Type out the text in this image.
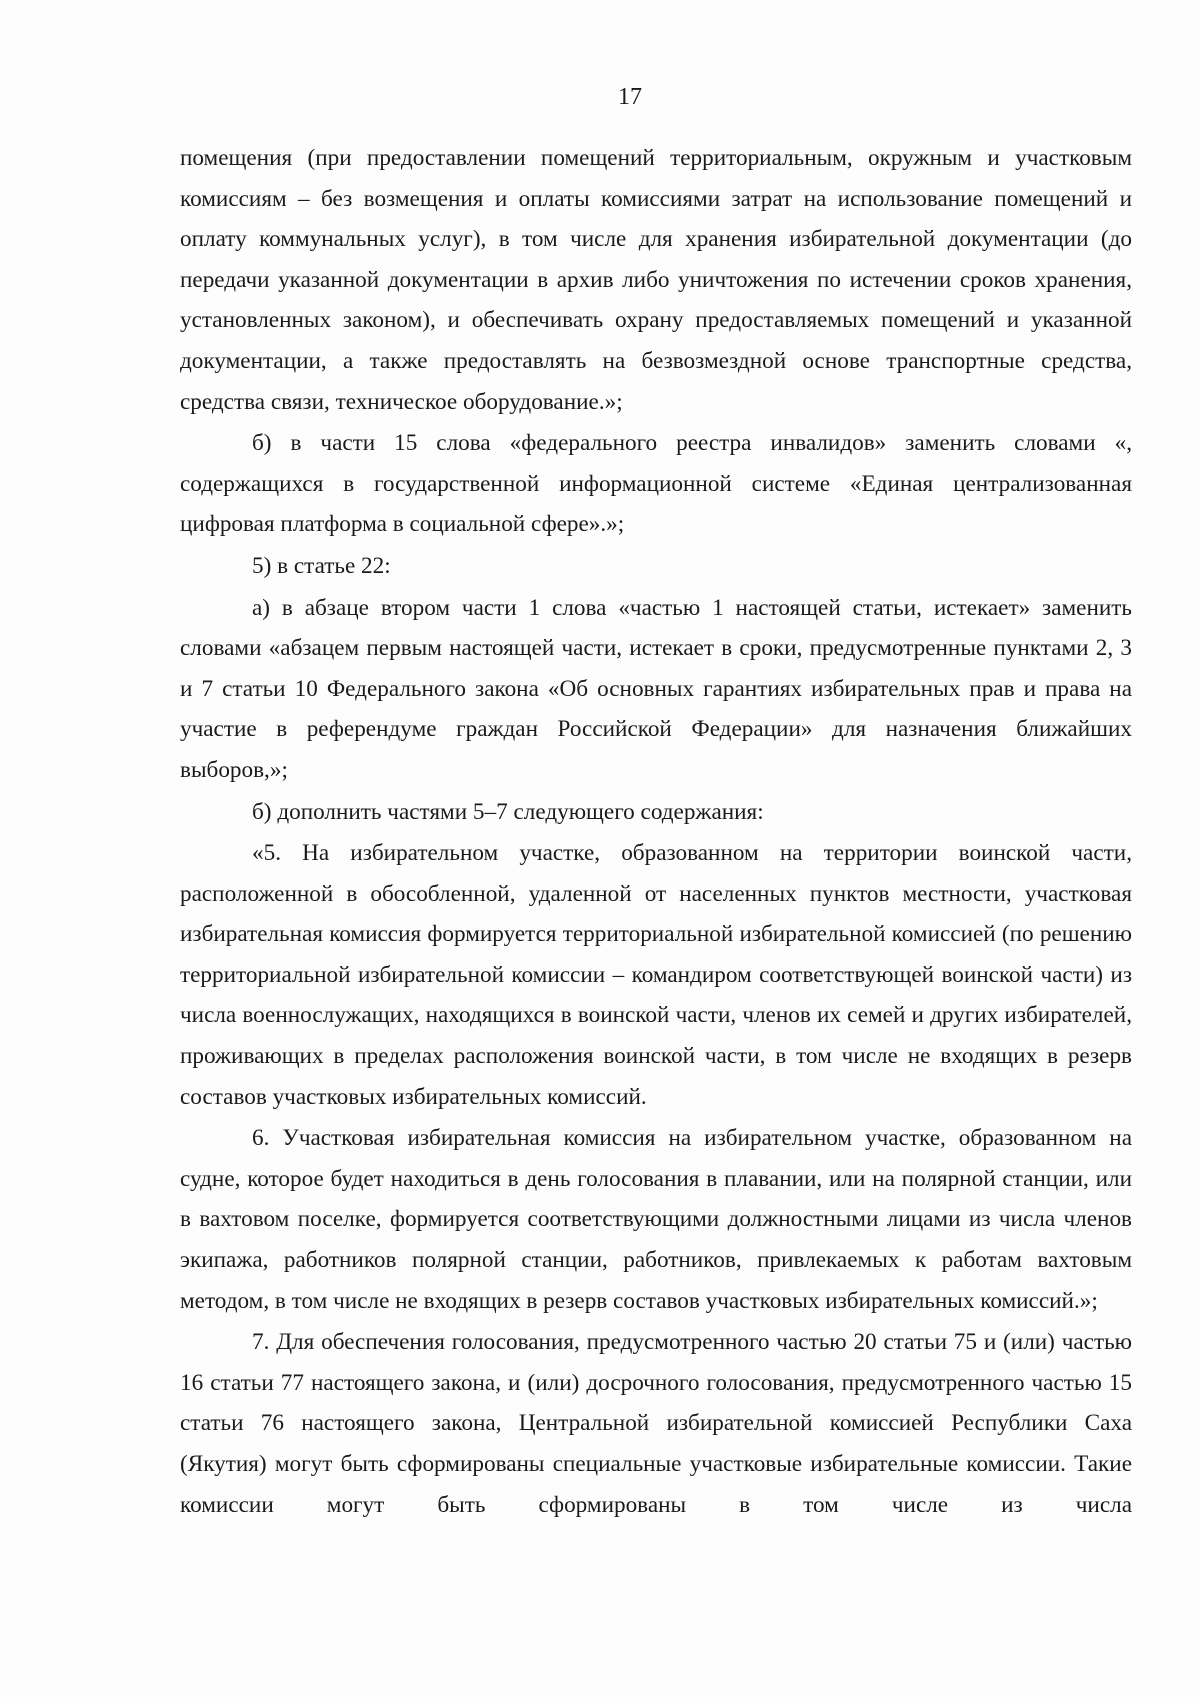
17

помещения (при предоставлении помещений территориальным, окружным и участковым комиссиям – без возмещения и оплаты комиссиями затрат на использование помещений и оплату коммунальных услуг), в том числе для хранения избирательной документации (до передачи указанной документации в архив либо уничтожения по истечении сроков хранения, установленных законом), и обеспечивать охрану предоставляемых помещений и указанной документации, а также предоставлять на безвозмездной основе транспортные средства, средства связи, техническое оборудование.»;

б) в части 15 слова «федерального реестра инвалидов» заменить словами «, содержащихся в государственной информационной системе «Единая централизованная цифровая платформа в социальной сфере».»;

5) в статье 22:

а) в абзаце втором части 1 слова «частью 1 настоящей статьи, истекает» заменить словами «абзацем первым настоящей части, истекает в сроки, предусмотренные пунктами 2, 3 и 7 статьи 10 Федерального закона «Об основных гарантиях избирательных прав и права на участие в референдуме граждан Российской Федерации» для назначения ближайших выборов,»;

б) дополнить частями 5–7 следующего содержания:

«5. На избирательном участке, образованном на территории воинской части, расположенной в обособленной, удаленной от населенных пунктов местности, участковая избирательная комиссия формируется территориальной избирательной комиссией (по решению территориальной избирательной комиссии – командиром соответствующей воинской части) из числа военнослужащих, находящихся в воинской части, членов их семей и других избирателей, проживающих в пределах расположения воинской части, в том числе не входящих в резерв составов участковых избирательных комиссий.

6. Участковая избирательная комиссия на избирательном участке, образованном на судне, которое будет находиться в день голосования в плавании, или на полярной станции, или в вахтовом поселке, формируется соответствующими должностными лицами из числа членов экипажа, работников полярной станции, работников, привлекаемых к работам вахтовым методом, в том числе не входящих в резерв составов участковых избирательных комиссий.»;

7. Для обеспечения голосования, предусмотренного частью 20 статьи 75 и (или) частью 16 статьи 77 настоящего закона, и (или) досрочного голосования, предусмотренного частью 15 статьи 76 настоящего закона, Центральной избирательной комиссией Республики Саха (Якутия) могут быть сформированы специальные участковые избирательные комиссии. Такие комиссии могут быть сформированы в том числе из числа
